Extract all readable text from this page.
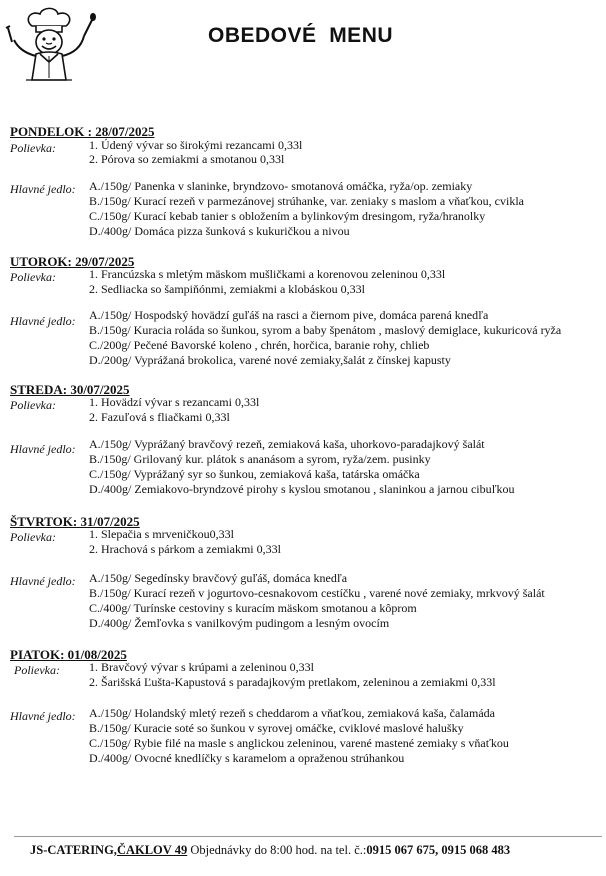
OBEDOVÉ  MENU
PONDELOK : 28/07/2025
Polievka:	1. Údený vývar so širokými rezancami 0,33l
2. Pórova so zemiakmi a smotanou 0,33l
Hlavné jedlo: A./150g/ Panenka v slaninke, bryndzovo- smotanová omáčka, ryža/op. zemiaky
B./150g/ Kurací rezeň v parmezánovej strúhanke, var. zeniaky s maslom a vňaťkou, cvikla
C./150g/ Kurací kebab tanier s obložením a bylinkovým dresingom, ryža/hranolky
D./400g/ Domáca pizza šunková s kukuričkou a nivou
UTOROK: 29/07/2025
Polievka:	1. Francúzska s mletým mäskom mušličkami a korenovou zeleninou 0,33l
2. Sedliacka so šampiňónmi, zemiakmi a klobáskou 0,33l
Hlavné jedlo: A./150g/ Hospodský hovädzí guľáš na rasci a čiernom pive, domáca parená knedľa
B./150g/ Kuracia roláda so šunkou, syrom a baby špenátom , maslový demiglace, kukuricová ryža
C./200g/ Pečené Bavorské koleno , chrén, horčica, baranie rohy, chlieb
D./200g/ Vyprážaná brokolica, varené nové zemiaky,šalát z čínskej kapusty
STREDA: 30/07/2025
Polievka:	1. Hovädzí vývar s rezancami 0,33l
2. Fazuľová s fliačkami 0,33l
Hlavné jedlo: A./150g/ Vyprážaný bravčový rezeň, zemiaková kaša, uhorkovo-paradajkový šalát
B./150g/ Grilovaný kur. plátok s ananásom a syrom, ryža/zem. pusinky
C./150g/ Vyprážaný syr so šunkou, zemiaková kaša, tatárska omáčka
D./400g/ Zemiakovo-bryndzové pirohy s kyslou smotanou , slaninkou a jarnou cibuľkou
ŠTVRTOK: 31/07/2025
Polievka:	1. Slepačia s mrveničkou0,33l
2. Hrachová s párkom a zemiakmi 0,33l
Hlavné jedlo: A./150g/ Segedínsky bravčový guľáš, domáca knedľa
B./150g/ Kurací rezeň v jogurtovo-cesnakovom cestíčku , varené nové zemiaky, mrkvový šalát
C./400g/ Turínske cestoviny s kuracím mäskom smotanou a kôprom
D./400g/ Žemľovka s vanilkovým pudingom a lesným ovocím
PIATOK: 01/08/2025
Polievka: 1. Bravčový vývar s krúpami a zeleninou 0,33l
2. Šarišská Ľušta-Kapustová s paradajkovým pretlakom, zeleninou a zemiakmi 0,33l
Hlavné jedlo: A./150g/ Holandský mletý rezeň s cheddarom a vňaťkou, zemiaková kaša, čalamáda
B./150g/ Kuracie soté so šunkou v syrovej omáčke, cviklové maslové halušky
C./150g/ Rybie filé na masle s anglickou zeleninou, varené mastené zemiaky s vňaťkou
D./400g/ Ovocné knedlíčky s karamelom a opraženou strúhankou
JS-CATERING,ČAKLOV 49 Objednávky do 8:00 hod. na tel. č.:0915 067 675, 0915 068 483
